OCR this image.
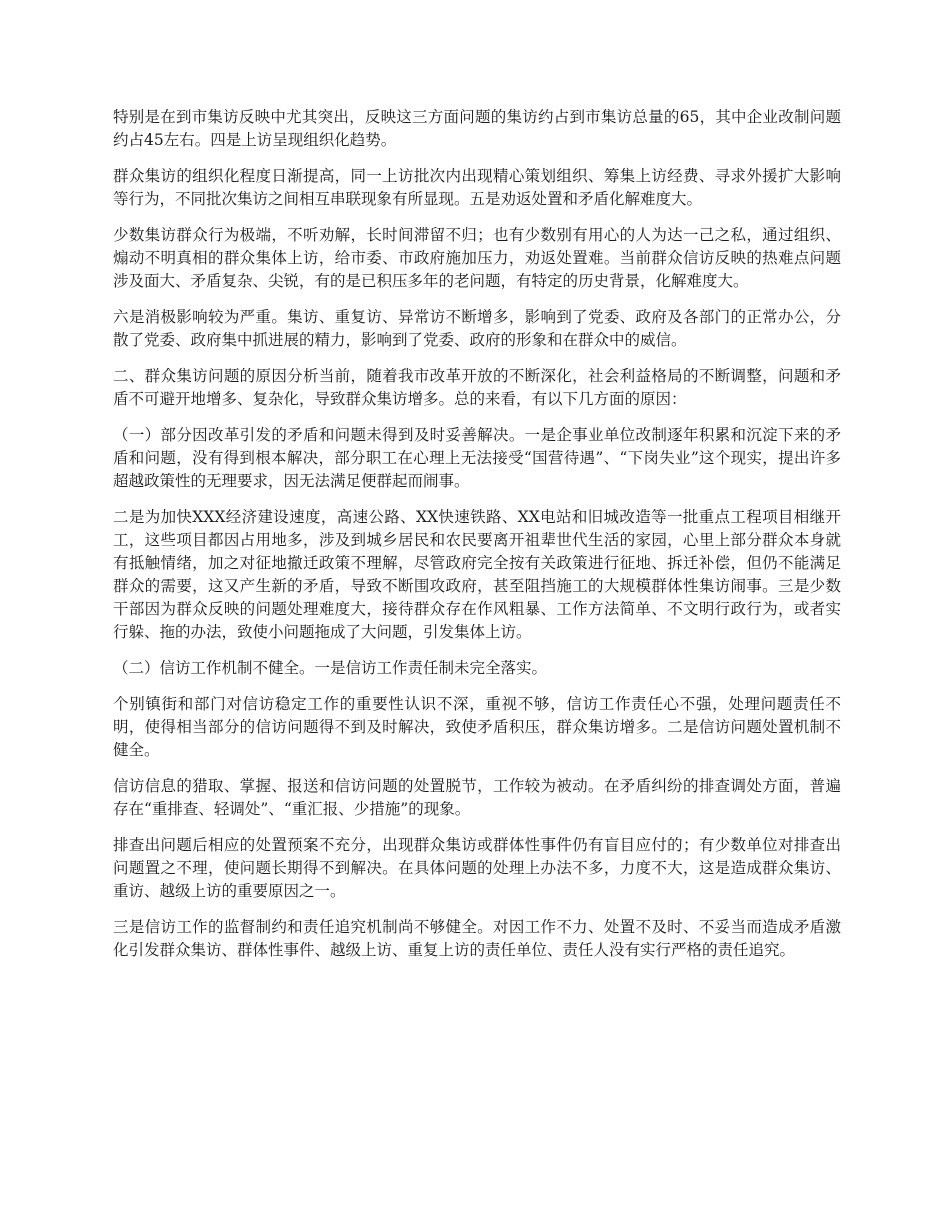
特别是在到市集访反映中尤其突出，反映这三方面问题的集访约占到市集访总量的65，其中企业改制问题约占45左右。四是上访呈现组织化趋势。

群众集访的组织化程度日渐提高，同一上访批次内出现精心策划组织、筹集上访经费、寻求外援扩大影响等行为，不同批次集访之间相互串联现象有所显现。五是劝返处置和矛盾化解难度大。

少数集访群众行为极端，不听劝解，长时间滞留不归；也有少数别有用心的人为达一己之私，通过组织、煽动不明真相的群众集体上访，给市委、市政府施加压力，劝返处置难。当前群众信访反映的热难点问题涉及面大、矛盾复杂、尖锐，有的是已积压多年的老问题，有特定的历史背景，化解难度大。

六是消极影响较为严重。集访、重复访、异常访不断增多，影响到了党委、政府及各部门的正常办公，分散了党委、政府集中抓进展的精力，影响到了党委、政府的形象和在群众中的威信。

二、群众集访问题的原因分析当前，随着我市改革开放的不断深化，社会利益格局的不断调整，问题和矛盾不可避开地增多、复杂化，导致群众集访增多。总的来看，有以下几方面的原因：

（一）部分因改革引发的矛盾和问题未得到及时妥善解决。一是企事业单位改制逐年积累和沉淀下来的矛盾和问题，没有得到根本解决，部分职工在心理上无法接受“国营待遇”、“下岗失业”这个现实，提出许多超越政策性的无理要求，因无法满足便群起而闹事。

二是为加快XXX经济建设速度，高速公路、XX快速铁路、XX电站和旧城改造等一批重点工程项目相继开工，这些项目都因占用地多，涉及到城乡居民和农民要离开祖辈世代生活的家园，心里上部分群众本身就有抵触情绪，加之对征地撤迁政策不理解，尽管政府完全按有关政策进行征地、拆迁补偿，但仍不能满足群众的需要，这又产生新的矛盾，导致不断围攻政府，甚至阻挡施工的大规模群体性集访闹事。三是少数干部因为群众反映的问题处理难度大，接待群众存在作风粗暴、工作方法简单、不文明行政行为，或者实行躲、拖的办法，致使小问题拖成了大问题，引发集体上访。

（二）信访工作机制不健全。一是信访工作责任制未完全落实。

个别镇街和部门对信访稳定工作的重要性认识不深，重视不够，信访工作责任心不强，处理问题责任不明，使得相当部分的信访问题得不到及时解决，致使矛盾积压，群众集访增多。二是信访问题处置机制不健全。

信访信息的猎取、掌握、报送和信访问题的处置脱节，工作较为被动。在矛盾纠纷的排查调处方面，普遍存在“重排查、轻调处”、“重汇报、少措施”的现象。

排查出问题后相应的处置预案不充分，出现群众集访或群体性事件仍有盲目应付的；有少数单位对排查出问题置之不理，使问题长期得不到解决。在具体问题的处理上办法不多，力度不大，这是造成群众集访、重访、越级上访的重要原因之一。

三是信访工作的监督制约和责任追究机制尚不够健全。对因工作不力、处置不及时、不妥当而造成矛盾激化引发群众集访、群体性事件、越级上访、重复上访的责任单位、责任人没有实行严格的责任追究。
